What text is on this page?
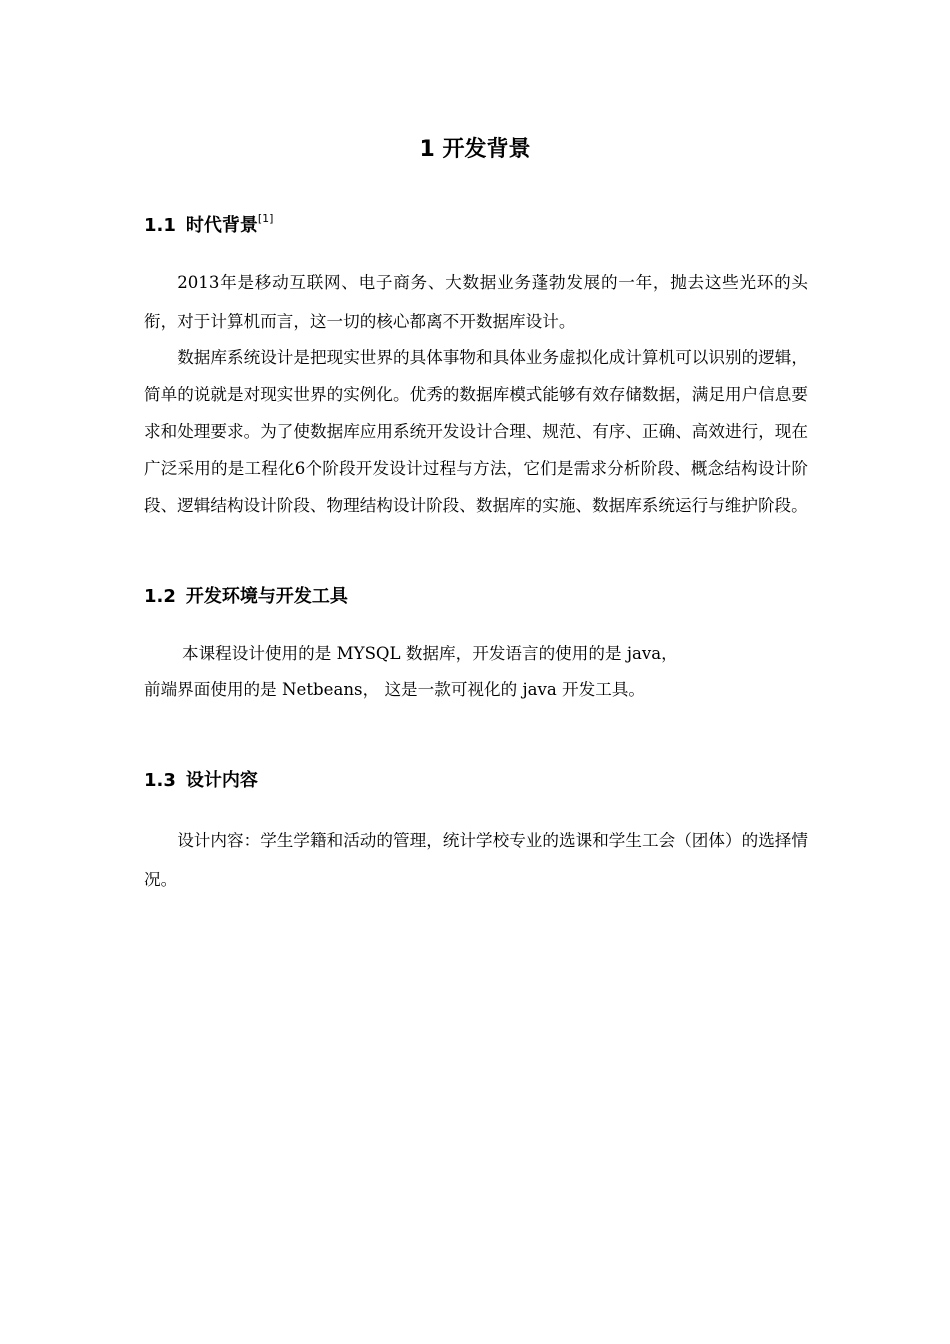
1 开发背景
1.1 时代背景[1]

2013年是移动互联网、电子商务、大数据业务蓬勃发展的一年，抛去这些光环的头衔，对于计算机而言，这一切的核心都离不开数据库设计。

数据库系统设计是把现实世界的具体事物和具体业务虚拟化成计算机可以识别的逻辑，简单的说就是对现实世界的实例化。优秀的数据库模式能够有效存储数据，满足用户信息要求和处理要求。为了使数据库应用系统开发设计合理、规范、有序、正确、高效进行，现在广泛采用的是工程化6个阶段开发设计过程与方法，它们是需求分析阶段、概念结构设计阶段、逻辑结构设计阶段、物理结构设计阶段、数据库的实施、数据库系统运行与维护阶段。

1.2 开发环境与开发工具

本课程设计使用的是 MYSQL 数据库，开发语言的使用的是 java，

前端界面使用的是 Netbeans， 这是一款可视化的 java 开发工具。

1.3 设计内容

设计内容：学生学籍和活动的管理，统计学校专业的选课和学生工会（团体）的选择情况。
